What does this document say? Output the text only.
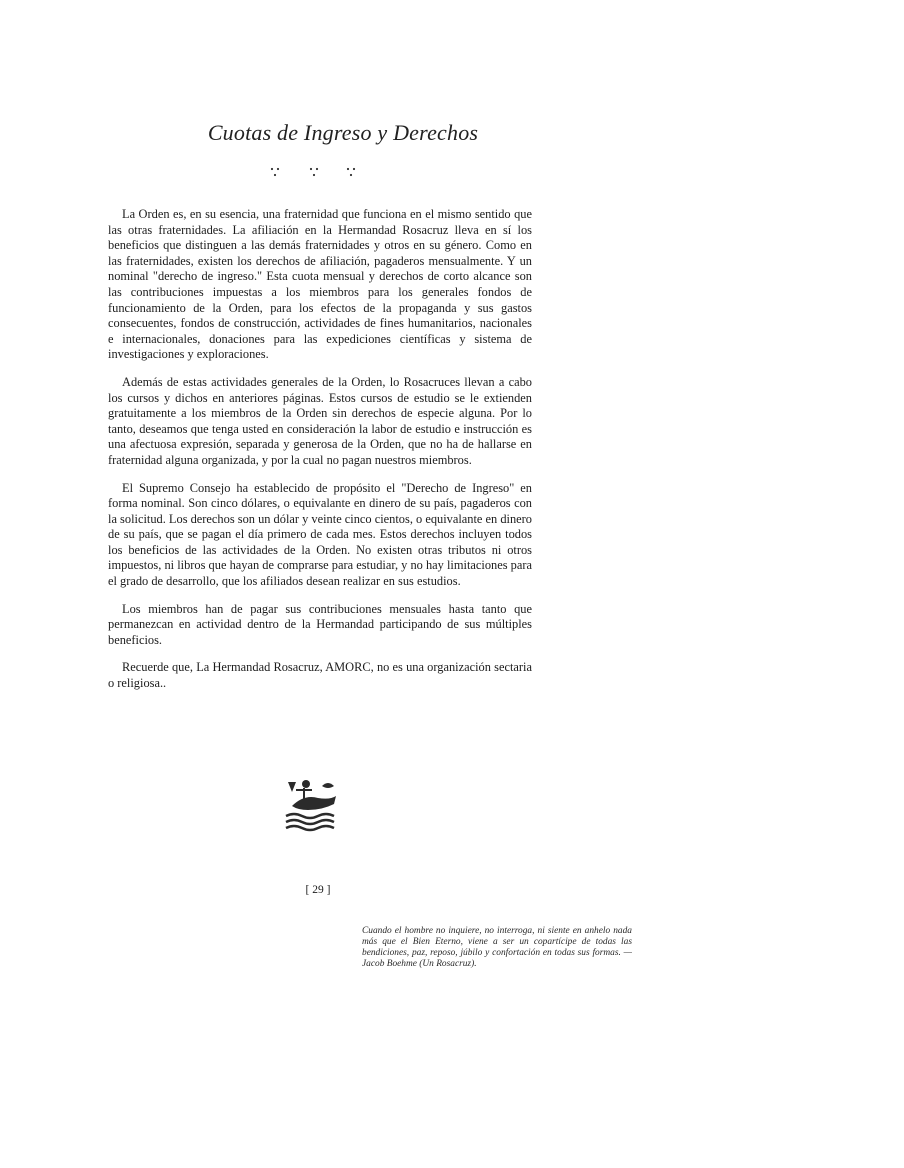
Cuotas de Ingreso y Derechos

La Orden es, en su esencia, una fraternidad que funciona en el mismo sentido que las otras fraternidades. La afiliación en la Hermandad Rosacruz lleva en sí los beneficios que distinguen a las demás fraternidades y otros en su género. Como en las fraternidades, existen los derechos de afiliación, pagaderos mensualmente. Y un nominal "derecho de ingreso." Esta cuota mensual y derechos de corto alcance son las contribuciones impuestas a los miembros para los generales fondos de funcionamiento de la Orden, para los efectos de la propaganda y sus gastos consecuentes, fondos de construcción, actividades de fines humanitarios, nacionales e internacionales, donaciones para las expediciones científicas y sistema de investigaciones y exploraciones.

Además de estas actividades generales de la Orden, lo Rosacruces llevan a cabo los cursos y dichos en anteriores páginas. Estos cursos de estudio se le extienden gratuitamente a los miembros de la Orden sin derechos de especie alguna. Por lo tanto, deseamos que tenga usted en consideración la labor de estudio e instrucción es una afectuosa expresión, separada y generosa de la Orden, que no ha de hallarse en fraternidad alguna organizada, y por la cual no pagan nuestros miembros.

El Supremo Consejo ha establecido de propósito el "Derecho de Ingreso" en forma nominal. Son cinco dólares, o equivalante en dinero de su país, pagaderos con la solicitud. Los derechos son un dólar y veinte cinco cientos, o equivalante en dinero de su país, que se pagan el día primero de cada mes. Estos derechos incluyen todos los beneficios de las actividades de la Orden. No existen otras tributos ni otros impuestos, ni libros que hayan de comprarse para estudiar, y no hay limitaciones para el grado de desarrollo, que los afiliados desean realizar en sus estudios.

Los miembros han de pagar sus contribuciones mensuales hasta tanto que permanezcan en actividad dentro de la Hermandad participando de sus múltiples beneficios.

Recuerde que, La Hermandad Rosacruz, AMORC, no es una organización sectaria o religiosa..

[ 29 ]
Cuando el hombre no inquiere, no interroga, ni siente en anhelo nada más que el Bien Eterno, viene a ser un copartícipe de todas las bendiciones, paz, reposo, júbilo y confortación en todas sus formas. —Jacob Boehme (Un Rosacruz).
